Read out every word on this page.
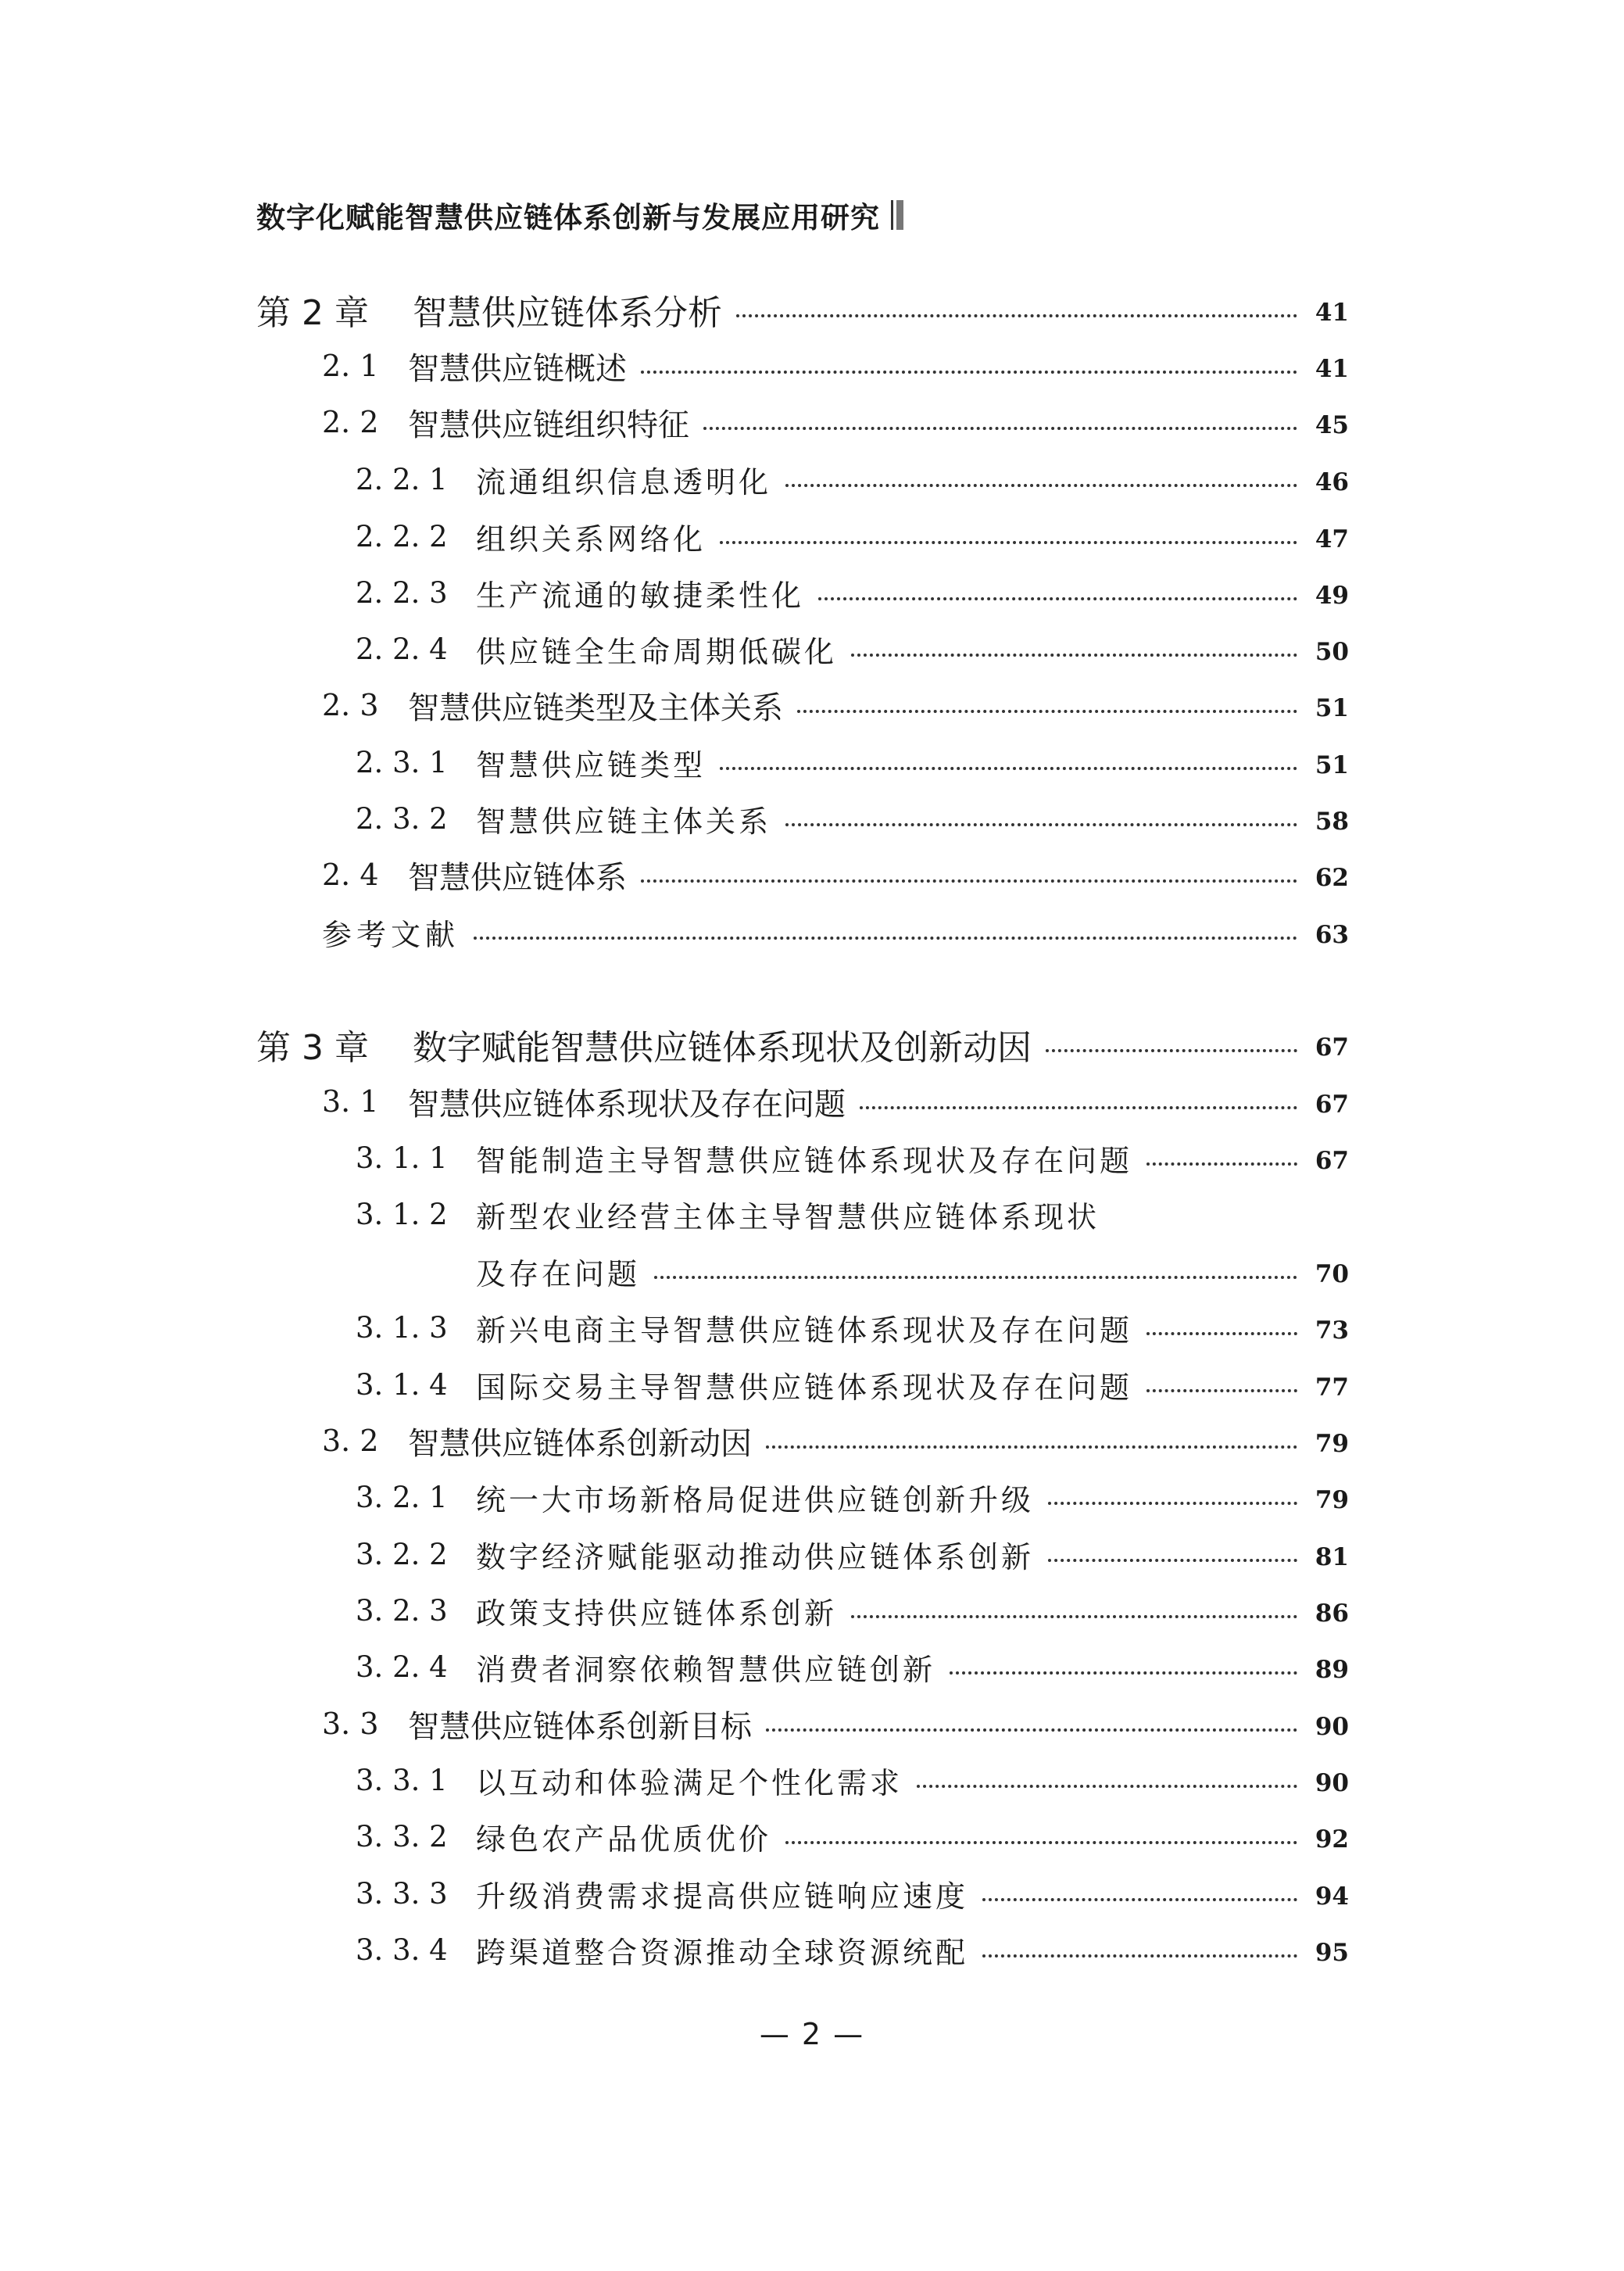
数字化赋能智慧供应链体系创新与发展应用研究
第 2 章	智慧供应链体系分析	41
2. 1 智慧供应链概述	41
2. 2 智慧供应链组织特征	45
2. 2. 1 流通组织信息透明化	46
2. 2. 2 组织关系网络化	47
2. 2. 3 生产流通的敏捷柔性化	49
2. 2. 4 供应链全生命周期低碳化	50
2. 3 智慧供应链类型及主体关系	51
2. 3. 1 智慧供应链类型	51
2. 3. 2 智慧供应链主体关系	58
2. 4 智慧供应链体系	62
参考文献	63
第 3 章	数字赋能智慧供应链体系现状及创新动因	67
3. 1 智慧供应链体系现状及存在问题	67
3. 1. 1 智能制造主导智慧供应链体系现状及存在问题	67
3. 1. 2 新型农业经营主体主导智慧供应链体系现状
及存在问题	70
3. 1. 3 新兴电商主导智慧供应链体系现状及存在问题	73
3. 1. 4 国际交易主导智慧供应链体系现状及存在问题	77
3. 2 智慧供应链体系创新动因	79
3. 2. 1 统一大市场新格局促进供应链创新升级	79
3. 2. 2 数字经济赋能驱动推动供应链体系创新	81
3. 2. 3 政策支持供应链体系创新	86
3. 2. 4 消费者洞察依赖智慧供应链创新	89
3. 3 智慧供应链体系创新目标	90
3. 3. 1 以互动和体验满足个性化需求	90
3. 3. 2 绿色农产品优质优价	92
3. 3. 3 升级消费需求提高供应链响应速度	94
3. 3. 4 跨渠道整合资源推动全球资源统配	95
— 2 —
